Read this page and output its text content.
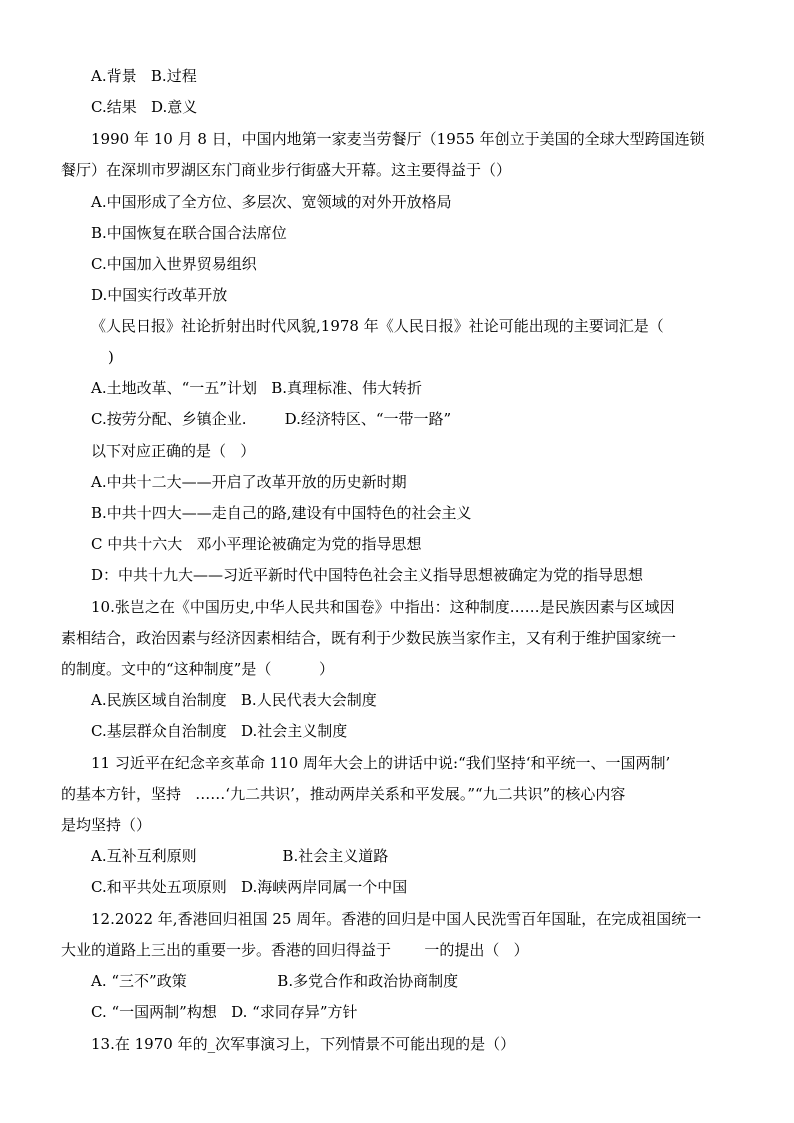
A.背景   B.过程
C.结果   D.意义
1990 年 10 月 8 日，中国内地第一家麦当劳餐厅（1955 年创立于美国的全球大型跨国连锁
餐厅）在深圳市罗湖区东门商业步行街盛大开幕。这主要得益于（）
A.中国形成了全方位、多层次、宽领域的对外开放格局
B.中国恢复在联合国合法席位
C.中国加入世界贸易组织
D.中国实行改革开放
《人民日报》社论折射出时代风貌,1978 年《人民日报》社论可能出现的主要词汇是（
)
A.土地改革、“一五”计划   B.真理标准、伟大转折
C.按劳分配、乡镇企业.        D.经济特区、“一带一路”
以下对应正确的是（   ）
A.中共十二大——开启了改革开放的历史新时期
B.中共十四大——走自己的路,建设有中国特色的社会主义
C 中共十六大   邓小平理论被确定为党的指导思想
D：中共十九大——习近平新时代中国特色社会主义指导思想被确定为党的指导思想
10.张岂之在《中国历史,中华人民共和国卷》中指出：这种制度……是民族因素与区域因
素相结合，政治因素与经济因素相结合，既有利于少数民族当家作主，又有利于维护国家统一
的制度。文中的“这种制度”是（          ）
A.民族区域自治制度   B.人民代表大会制度
C.基层群众自治制度   D.社会主义制度
11 习近平在纪念辛亥革命 110 周年大会上的讲话中说:“我们坚持‘和平统一、一国两制’
的基本方针，坚持   ……‘九二共识’，推动两岸关系和平发展。”“九二共识”的核心内容
是均坚持（）
A.互补互利原则                  B.社会主义道路
C.和平共处五项原则   D.海峡两岸同属一个中国
12.2022 年,香港回归祖国 25 周年。香港的回归是中国人民洗雪百年国耻，在完成祖国统一
大业的道路上三出的重要一步。香港的回归得益于       一的提出（   ）
A. “三不”政策                   B.多党合作和政治协商制度
C. “一国两制”构想   D. “求同存异”方针
13.在 1970 年的_次军事演习上，下列情景不可能出现的是（）
